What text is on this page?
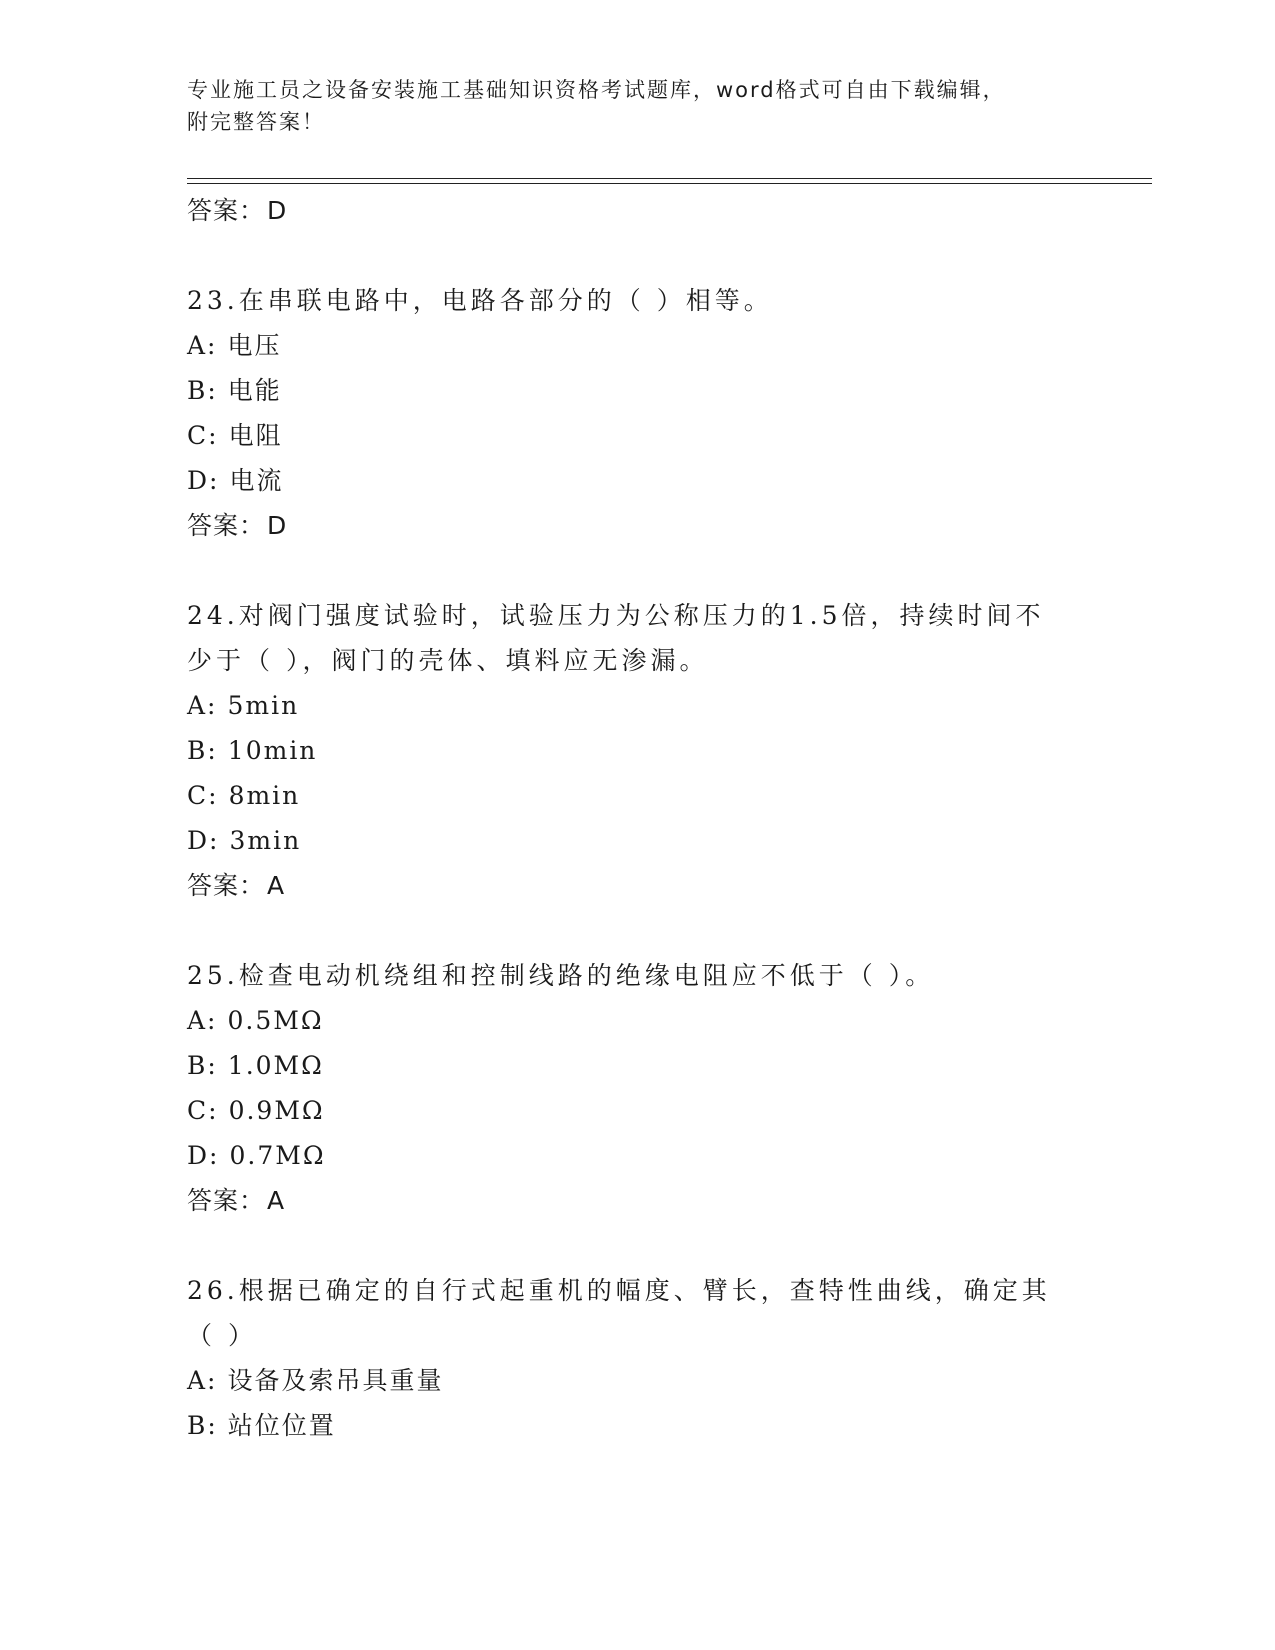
专业施工员之设备安装施工基础知识资格考试题库，word格式可自由下载编辑，
附完整答案！
答案：D
23.在串联电路中，电路各部分的（ ）相等。
A: 电压
B: 电能
C: 电阻
D: 电流
答案：D
24.对阀门强度试验时，试验压力为公称压力的1.5倍，持续时间不少于（ ），阀门的壳体、填料应无渗漏。
A: 5min
B: 10min
C: 8min
D: 3min
答案：A
25.检查电动机绕组和控制线路的绝缘电阻应不低于（ ）。
A: 0.5MΩ
B: 1.0MΩ
C: 0.9MΩ
D: 0.7MΩ
答案：A
26.根据已确定的自行式起重机的幅度、臂长，查特性曲线，确定其（ ）
A: 设备及索吊具重量
B: 站位位置
